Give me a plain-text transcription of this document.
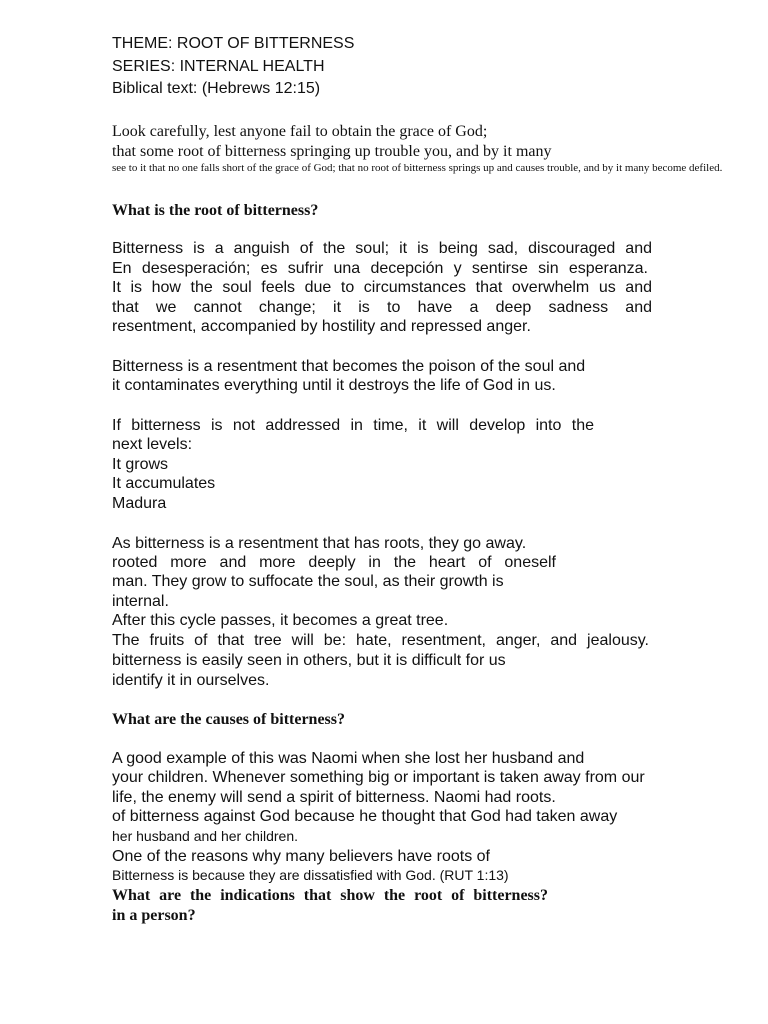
THEME: ROOT OF BITTERNESS
SERIES: INTERNAL HEALTH
Biblical text: (Hebrews 12:15)
Look carefully, lest anyone fail to obtain the grace of God;
that some root of bitterness springing up trouble you, and by it many
see to it that no one falls short of the grace of God; that no root of bitterness springs up and causes trouble, and by it many become defiled.
What is the root of bitterness?
Bitterness is a anguish of the soul; it is being sad, discouraged and
En desesperación; es sufrir una decepción y sentirse sin esperanza.
It is how the soul feels due to circumstances that overwhelm us and
that we cannot change; it is to have a deep sadness and
resentment, accompanied by hostility and repressed anger.
Bitterness is a resentment that becomes the poison of the soul and
it contaminates everything until it destroys the life of God in us.
If bitterness is not addressed in time, it will develop into the
next levels:
It grows
It accumulates
Madura
As bitterness is a resentment that has roots, they go away.
rooted more and more deeply in the heart of oneself
man. They grow to suffocate the soul, as their growth is
internal.
After this cycle passes, it becomes a great tree.
The fruits of that tree will be: hate, resentment, anger, and jealousy.
bitterness is easily seen in others, but it is difficult for us
identify it in ourselves.
What are the causes of bitterness?
A good example of this was Naomi when she lost her husband and
your children. Whenever something big or important is taken away from our
life, the enemy will send a spirit of bitterness. Naomi had roots.
of bitterness against God because he thought that God had taken away
her husband and her children.
One of the reasons why many believers have roots of
Bitterness is because they are dissatisfied with God. (RUT 1:13)
What are the indications that show the root of bitterness?
in a person?
